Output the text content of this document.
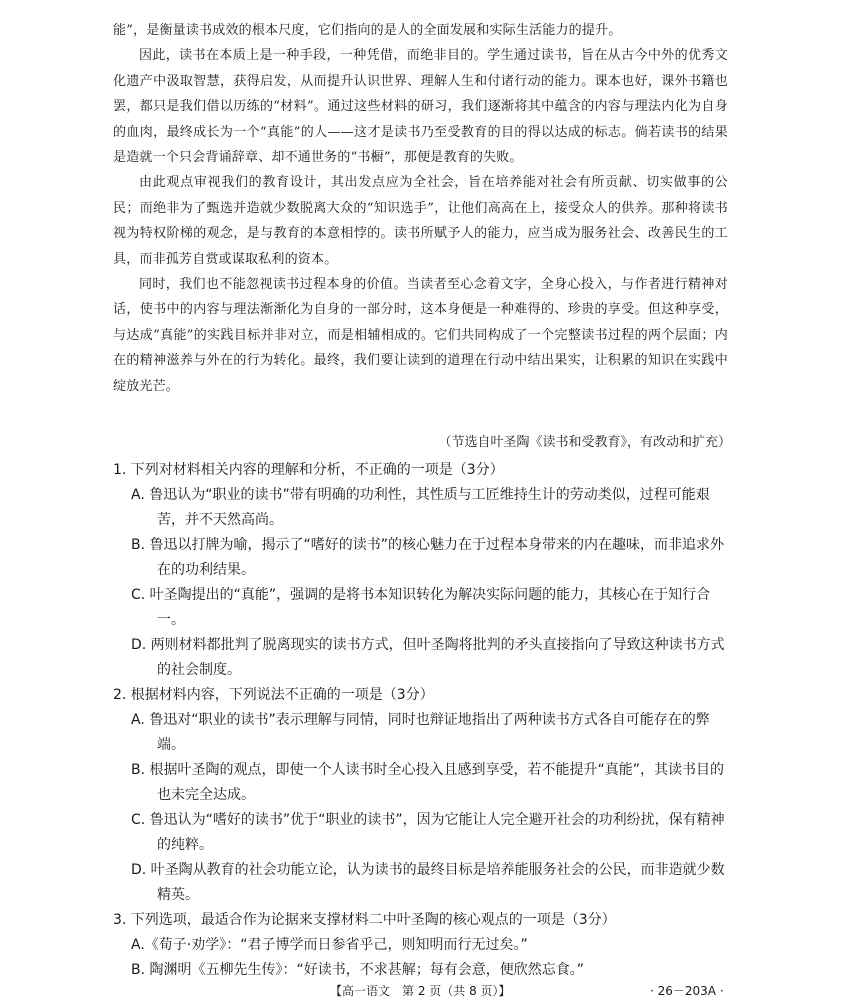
能”，是衡量读书成效的根本尺度，它们指向的是人的全面发展和实际生活能力的提升。

因此，读书在本质上是一种手段，一种凭借，而绝非目的。学生通过读书，旨在从古今中外的优秀文化遗产中汲取智慧，获得启发，从而提升认识世界、理解人生和付诸行动的能力。课本也好，课外书籍也罢，都只是我们借以历练的“材料”。通过这些材料的研习，我们逐渐将其中蕴含的内容与理法内化为自身的血肉，最终成长为一个“真能”的人——这才是读书乃至受教育的目的得以达成的标志。倘若读书的结果是造就一个只会背诵辞章、却不通世务的“书橱”，那便是教育的失败。

由此观点审视我们的教育设计，其出发点应为全社会，旨在培养能对社会有所贡献、切实做事的公民；而绝非为了甄选并造就少数脱离大众的“知识选手”，让他们高高在上，接受众人的供养。那种将读书视为特权阶梯的观念，是与教育的本意相悖的。读书所赋予人的能力，应当成为服务社会、改善民生的工具，而非孤芳自赏或谋取私利的资本。

同时，我们也不能忽视读书过程本身的价值。当读者至心念着文字，全身心投入，与作者进行精神对话，使书中的内容与理法渐渐化为自身的一部分时，这本身便是一种难得的、珍贵的享受。但这种享受，与达成“真能”的实践目标并非对立，而是相辅相成的。它们共同构成了一个完整读书过程的两个层面；内在的精神滋养与外在的行为转化。最终，我们要让读到的道理在行动中结出果实，让积累的知识在实践中绽放光芒。

（节选自叶圣陶《读书和受教育》，有改动和扩充）

1. 下列对材料相关内容的理解和分析，不正确的一项是（3分）

A. 鲁迅认为“职业的读书”带有明确的功利性，其性质与工匠维持生计的劳动类似，过程可能艰苦，并不天然高尚。

B. 鲁迅以打牌为喻，揭示了“嗜好的读书”的核心魅力在于过程本身带来的内在趣味，而非追求外在的功利结果。

C. 叶圣陶提出的“真能”，强调的是将书本知识转化为解决实际问题的能力，其核心在于知行合一。

D. 两则材料都批判了脱离现实的读书方式，但叶圣陶将批判的矛头直接指向了导致这种读书方式的社会制度。

2. 根据材料内容，下列说法不正确的一项是（3分）

A. 鲁迅对“职业的读书”表示理解与同情，同时也辩证地指出了两种读书方式各自可能存在的弊端。

B. 根据叶圣陶的观点，即使一个人读书时全心投入且感到享受，若不能提升“真能”，其读书目的也未完全达成。

C. 鲁迅认为“嗜好的读书”优于“职业的读书”，因为它能让人完全避开社会的功利纷扰，保有精神的纯粹。

D. 叶圣陶从教育的社会功能立论，认为读书的最终目标是培养能服务社会的公民，而非造就少数精英。

3. 下列选项，最适合作为论据来支撑材料二中叶圣陶的核心观点的一项是（3分）

A.《荀子·劝学》：“君子博学而日参省乎己，则知明而行无过矣。”

B. 陶渊明《五柳先生传》：“好读书，不求甚解；每有会意，便欣然忘食。”

【高一语文　第 2 页（共 8 页）】	· 26－203A ·
